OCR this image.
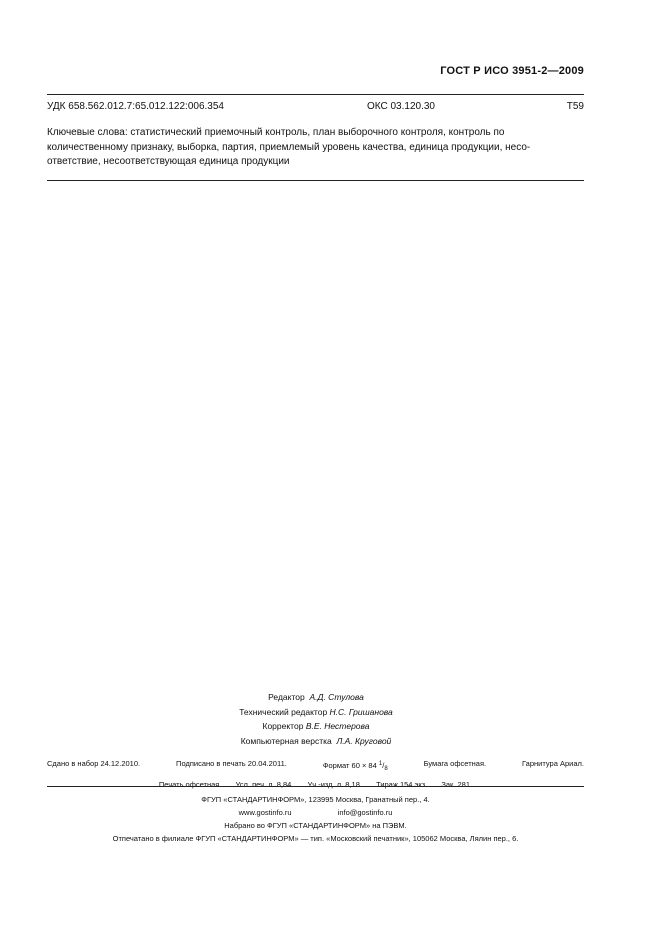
ГОСТ Р ИСО 3951-2—2009
УДК 658.562.012.7:65.012.122:006.354	ОКС 03.120.30	Т59

Ключевые слова: статистический приемочный контроль, план выборочного контроля, контроль по

количественному признаку, выборка, партия, приемлемый уровень качества, единица продукции, несо-

ответствие, несоответствующая единица продукции

Редактор А.Д. Стулова
Технический редактор Н.С. Гришанова
Корректор В.Е. Нестерова
Компьютерная верстка Л.А. Круговой
Сдано в набор 24.12.2010.	Подписано в печать 20.04.2011.	Формат 60 × 84 $^1/_8$
Бумага офсетная.	Гарнитура Ариал.
Печать офсетная. Усл. печ. л. 8,84. Уч.-изд. л. 8,18. Тираж 154 экз. Зак. 281.
ФГУП «СТАНДАРТИНФОРМ», 123995 Москва, Гранатный пер., 4.
www.gostinfo.ru	info@gostinfo.ru
Набрано во ФГУП «СТАНДАРТИНФОРМ» на ПЭВМ.
Отпечатано в филиале ФГУП «СТАНДАРТИНФОРМ» — тип. «Московский печатник», 105062 Москва, Лялин пер., 6.
